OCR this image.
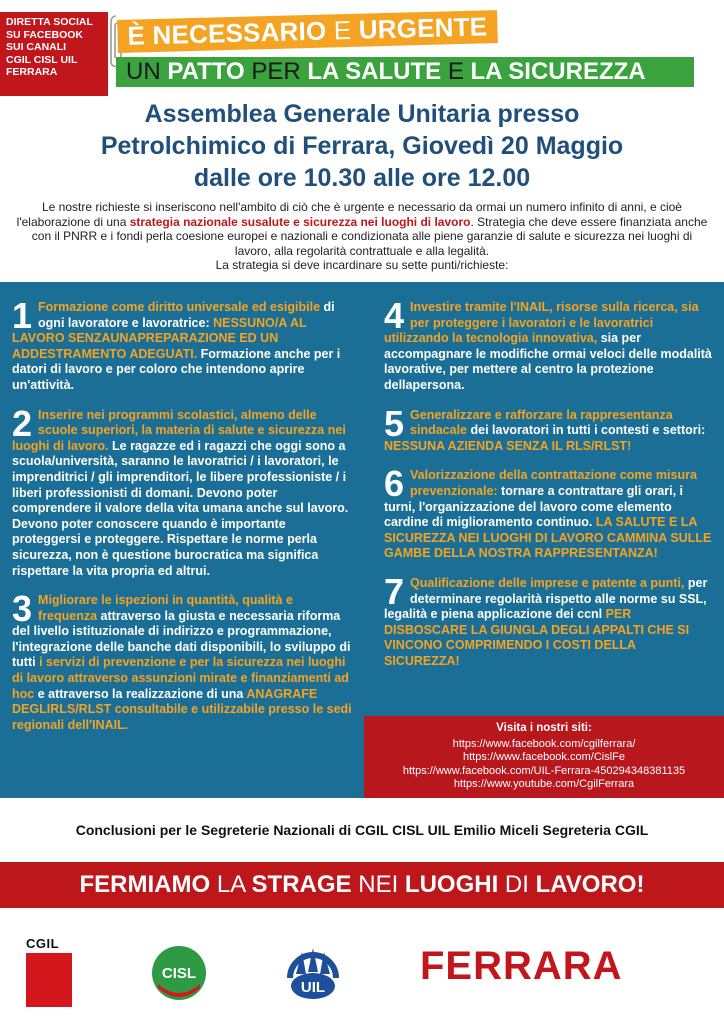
DIRETTA SOCIAL
SU FACEBOOK
SUI CANALI
CGIL CISL UIL
FERRARA
È NECESSARIO E URGENTE
UN PATTO PER LA SALUTE E LA SICUREZZA
Assemblea Generale Unitaria presso
Petrolchimico di Ferrara, Giovedì 20 Maggio
dalle ore 10.30 alle ore 12.00

Le nostre richieste si inseriscono nell'ambito di ciò che è urgente e necessario da ormai un numero infinito di anni, e cioè l'elaborazione di una strategia nazionale susalute e sicurezza nei luoghi di lavoro. Strategia che deve essere finanziata anche con il PNRR e i fondi perla coesione europei e nazionali e condizionata alle piene garanzie di salute e sicurezza nei luoghi di lavoro, alla regolarità contrattuale e alla legalità.

La strategia si deve incardinare su sette punti/richieste:

1 Formazione come diritto universale ed esigibile di ogni lavoratore e lavoratrice: NESSUNO/A AL LAVORO SENZAUNAPREPARAZIONE ED UN ADDESTRAMENTO ADEGUATI. Formazione anche per i datori di lavoro e per coloro che intendono aprire un'attività.
2 Inserire nei programmi scolastici, almeno delle scuole superiori, la materia di salute e sicurezza nei luoghi di lavoro. Le ragazze ed i ragazzi che oggi sono a scuola/università, saranno le lavoratrici / i lavoratori, le imprenditrici / gli imprenditori, le libere professioniste / i liberi professionisti di domani. Devono poter comprendere il valore della vita umana anche sul lavoro. Devono poter conoscere quando è importante proteggersi e proteggere. Rispettare le norme perla sicurezza, non è questione burocratica ma significa rispettare la vita propria ed altrui.
3 Migliorare le ispezioni in quantità, qualità e frequenza attraverso la giusta e necessaria riforma del livello istituzionale di indirizzo e programmazione, l'integrazione delle banche dati disponibili, lo sviluppo di tutti i servizi di prevenzione e per la sicurezza nei luoghi di lavoro attraverso assunzioni mirate e finanziamenti ad hoc e attraverso la realizzazione di una ANAGRAFE DEGLIRLS/RLST consultabile e utilizzabile presso le sedi regionali dell'INAIL.
4 Investire tramite l'INAIL, risorse sulla ricerca, sia per proteggere i lavoratori e le lavoratrici utilizzando la tecnologia innovativa, sia per accompagnare le modifiche ormai veloci delle modalità lavorative, per mettere al centro la protezione dellapersona.
5 Generalizzare e rafforzare la rappresentanza sindacale dei lavoratori in tutti i contesti e settori: NESSUNA AZIENDA SENZA IL RLS/RLST!
6 Valorizzazione della contrattazione come misura prevenzionale: tornare a contrattare gli orari, i turni, l'organizzazione del lavoro come elemento cardine di miglioramento continuo. LA SALUTE E LA SICUREZZA NEI LUOGHI DI LAVORO CAMMINA SULLE GAMBE DELLA NOSTRA RAPPRESENTANZA!
7 Qualificazione delle imprese e patente a punti, per determinare regolarità rispetto alle norme su SSL, legalità e piena applicazione dei ccnl PER DISBOSCARE LA GIUNGLA DEGLI APPALTI CHE SI VINCONO COMPRIMENDO I COSTI DELLA SICUREZZA!
Visita i nostri siti:
https://www.facebook.com/cgilferrara/
https://www.facebook.com/CislFe
https://www.facebook.com/UIL-Ferrara-450294348381135
https://www.youtube.com/CgilFerrara
Conclusioni per le Segreterie Nazionali di CGIL CISL UIL Emilio Miceli Segreteria CGIL
FERMIAMO LA STRAGE NEI LUOGHI DI LAVORO!
CGIL
CISL
UIL FERRARA
